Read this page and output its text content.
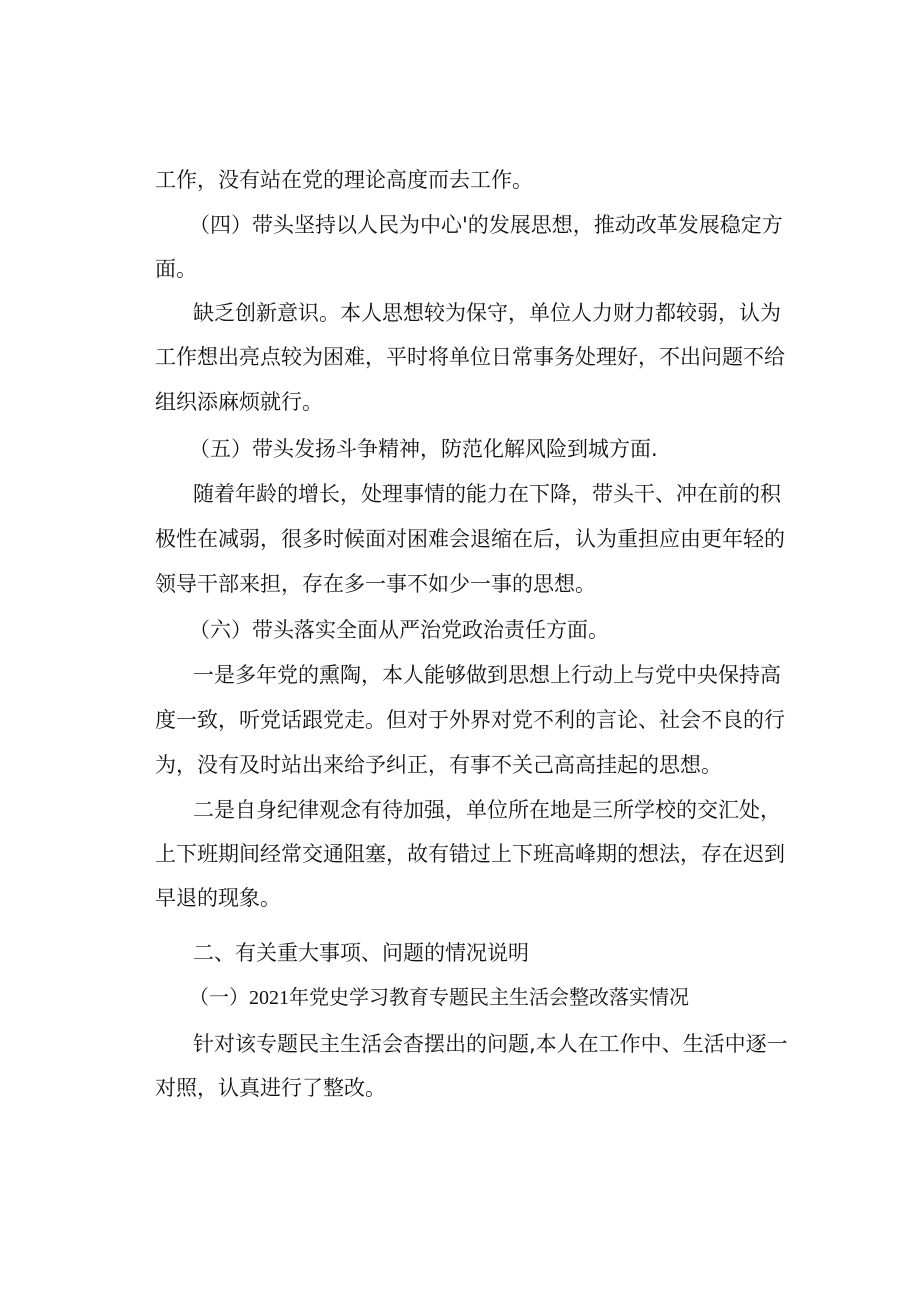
工作，没有站在党的理论高度而去工作。

（四）带头坚持以人民为中心'的发展思想，推动改革发展稳定方

面。

缺乏创新意识。本人思想较为保守，单位人力财力都较弱，认为

工作想出亮点较为困难，平时将单位日常事务处理好，不出问题不给

组织添麻烦就行。

（五）带头发扬斗争精神，防范化解风险到城方面.

随着年龄的增长，处理事情的能力在下降，带头干、冲在前的积

极性在减弱，很多时候面对困难会退缩在后，认为重担应由更年轻的

领导干部来担，存在多一事不如少一事的思想。

（六）带头落实全面从严治党政治责任方面。

一是多年党的熏陶，本人能够做到思想上行动上与党中央保持高

度一致，听党话跟党走。但对于外界对党不利的言论、社会不良的行

为，没有及时站出来给予纠正，有事不关己高高挂起的思想。

二是自身纪律观念有待加强，单位所在地是三所学校的交汇处，

上下班期间经常交通阻塞，故有错过上下班高峰期的想法，存在迟到

早退的现象。

二、有关重大事项、问题的情况说明

（一）2021年党史学习教育专题民主生活会整改落实情况

针对该专题民主生活会杳摆出的问题,本人在工作中、生活中逐一

对照，认真进行了整改。
